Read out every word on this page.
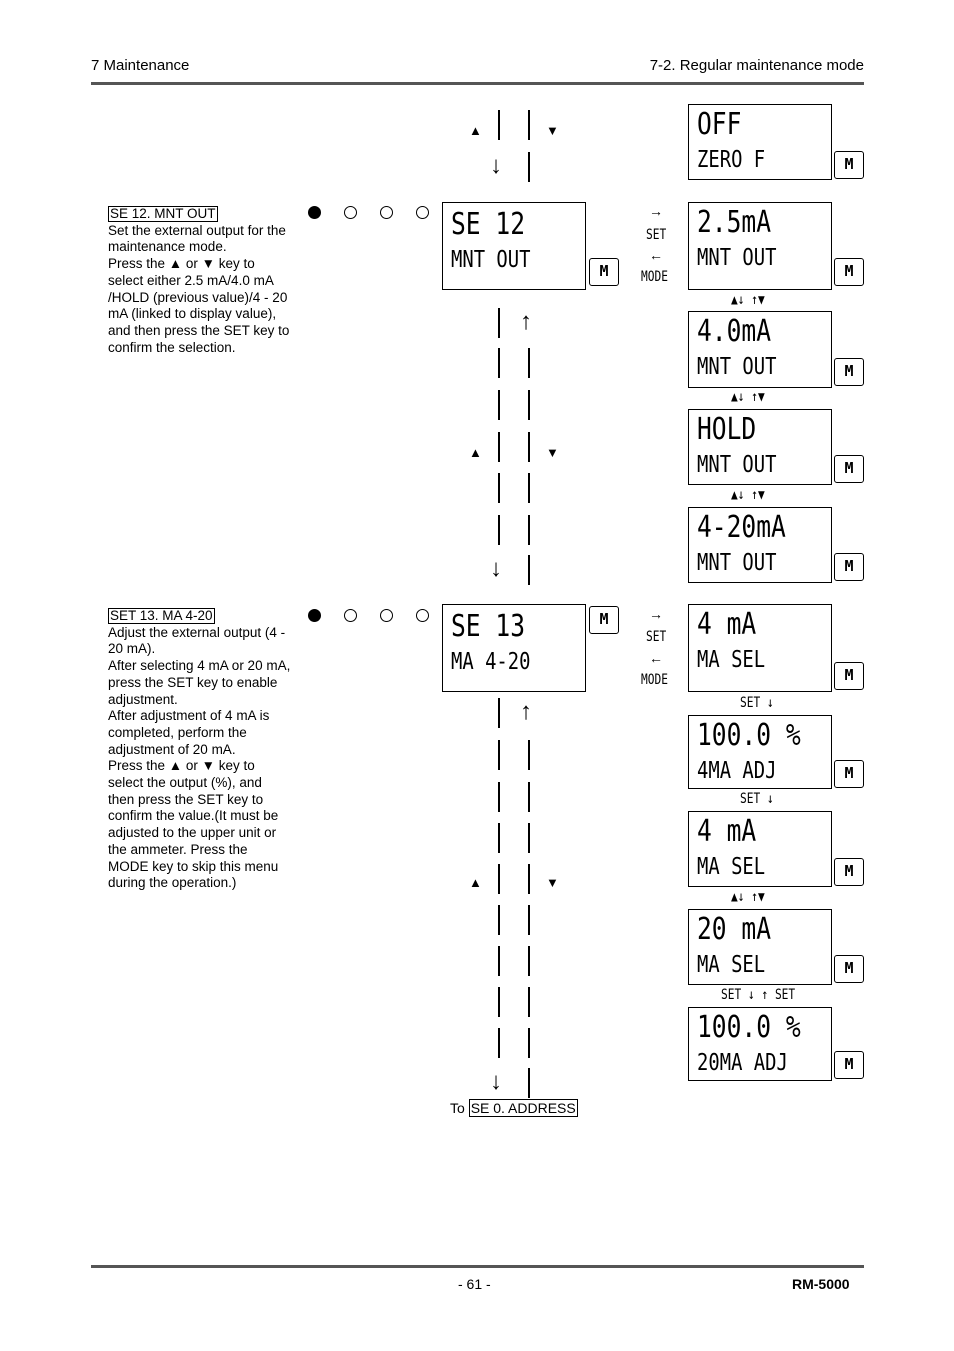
7 Maintenance	7-2. Regular maintenance mode
SE 12. MNT OUT

Set the external output for the
maintenance mode.
Press the ▲ or ▼ key to
select either 2.5 mA/4.0 mA
/HOLD (previous value)/4 - 20
mA (linked to display value),
and then press the SET key to
confirm the selection.

SET 13. MA 4-20

Adjust the external output (4 -
20 mA).
After selecting 4 mA or 20 mA,
press the SET key to enable
adjustment.
After adjustment of 4 mA is
completed, perform the
adjustment of 20 mA.
Press the ▲ or ▼ key to
select the output (%), and
then press the SET key to
confirm the value.(It must be
adjusted to the upper unit or
the ammeter. Press the
MODE key to skip this menu
during the operation.)

↓
▲	▼
SE 12
MNT OUT	M
→
SET
←
MODE
↑
▲	▼
↓
SE 13
MA 4-20
M	→
SET
←
MODE
↑
▲	▼
↓
To SE 0. ADDRESS
OFF
ZERO F	M
2.5mA
MNT OUT	M
▲↓ ↑▼
4.0mA
MNT OUT	M
▲↓ ↑▼
HOLD
MNT OUT	M
▲↓ ↑▼
4-20mA
MNT OUT	M
4 mA
MA SEL
M
SET ↓
100.0 %
4MA ADJ	M
SET ↓
4 mA
MA SEL	M
▲↓ ↑▼
20 mA
MA SEL	M
SET ↓ ↑ SET
100.0 %
20MA ADJ	M
- 61 -	RM-5000
